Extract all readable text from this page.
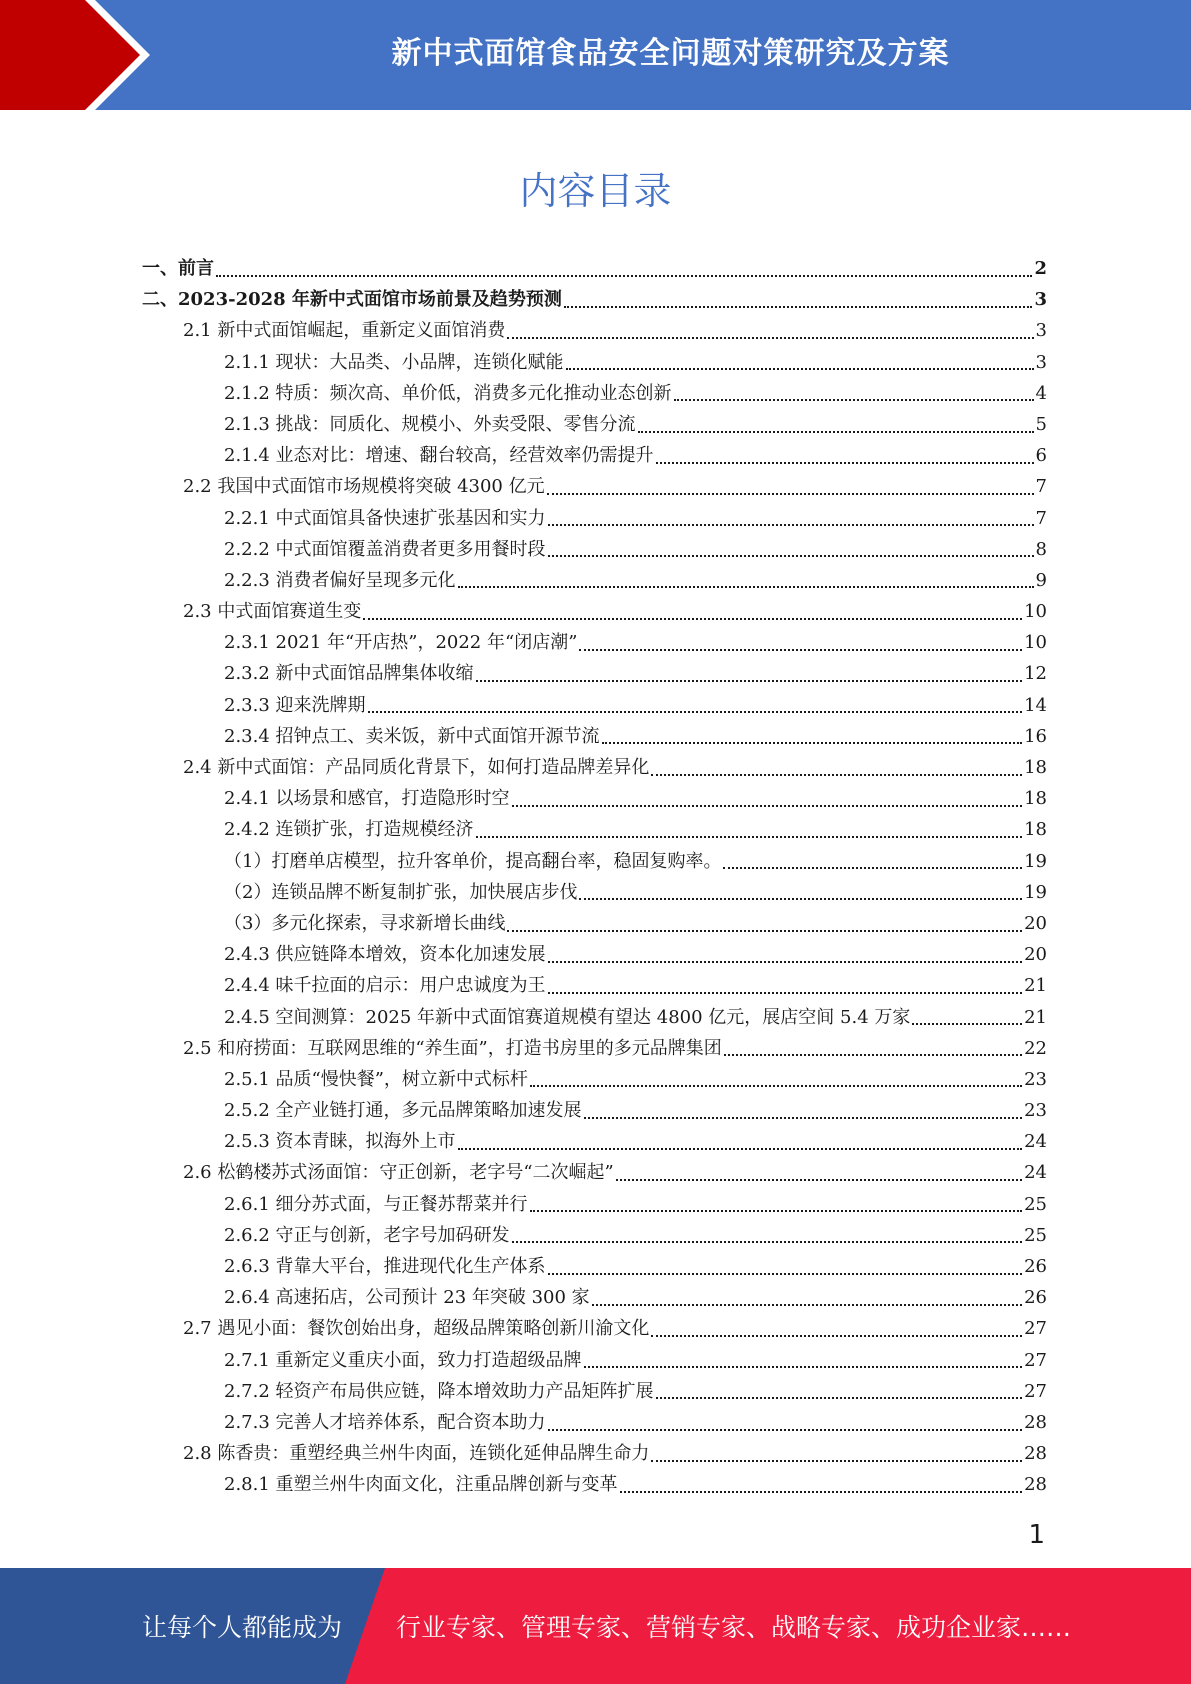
新中式面馆食品安全问题对策研究及方案
内容目录
一、前言	2
二、2023-2028 年新中式面馆市场前景及趋势预测	3
2.1 新中式面馆崛起，重新定义面馆消费	3
2.1.1 现状：大品类、小品牌，连锁化赋能	3
2.1.2 特质：频次高、单价低，消费多元化推动业态创新	4
2.1.3 挑战：同质化、规模小、外卖受限、零售分流	5
2.1.4 业态对比：增速、翻台较高，经营效率仍需提升	6
2.2 我国中式面馆市场规模将突破 4300 亿元	7
2.2.1 中式面馆具备快速扩张基因和实力	7
2.2.2 中式面馆覆盖消费者更多用餐时段	8
2.2.3 消费者偏好呈现多元化	9
2.3 中式面馆赛道生变	10
2.3.1 2021 年“开店热”，2022 年“闭店潮”	10
2.3.2 新中式面馆品牌集体收缩	12
2.3.3 迎来洗牌期	14
2.3.4 招钟点工、卖米饭，新中式面馆开源节流	16
2.4 新中式面馆：产品同质化背景下，如何打造品牌差异化	18
2.4.1 以场景和感官，打造隐形时空	18
2.4.2 连锁扩张，打造规模经济	18
（1）打磨单店模型，拉升客单价，提高翻台率，稳固复购率。	19
（2）连锁品牌不断复制扩张，加快展店步伐	19
（3）多元化探索，寻求新增长曲线	20
2.4.3 供应链降本增效，资本化加速发展	20
2.4.4 味千拉面的启示：用户忠诚度为王	21
2.4.5 空间测算：2025 年新中式面馆赛道规模有望达 4800 亿元，展店空间 5.4 万家	21
2.5 和府捞面：互联网思维的“养生面”，打造书房里的多元品牌集团	22
2.5.1 品质“慢快餐”，树立新中式标杆	23
2.5.2 全产业链打通，多元品牌策略加速发展	23
2.5.3 资本青睐，拟海外上市	24
2.6 松鹤楼苏式汤面馆：守正创新，老字号“二次崛起”	24
2.6.1 细分苏式面，与正餐苏帮菜并行	25
2.6.2 守正与创新，老字号加码研发	25
2.6.3 背靠大平台，推进现代化生产体系	26
2.6.4 高速拓店，公司预计 23 年突破 300 家	26
2.7 遇见小面：餐饮创始出身，超级品牌策略创新川渝文化	27
2.7.1 重新定义重庆小面，致力打造超级品牌	27
2.7.2 轻资产布局供应链，降本增效助力产品矩阵扩展	27
2.7.3 完善人才培养体系，配合资本助力	28
2.8 陈香贵：重塑经典兰州牛肉面，连锁化延伸品牌生命力	28
2.8.1 重塑兰州牛肉面文化，注重品牌创新与变革	28
1
让每个人都能成为 行业专家、管理专家、营销专家、战略专家、成功企业家……
